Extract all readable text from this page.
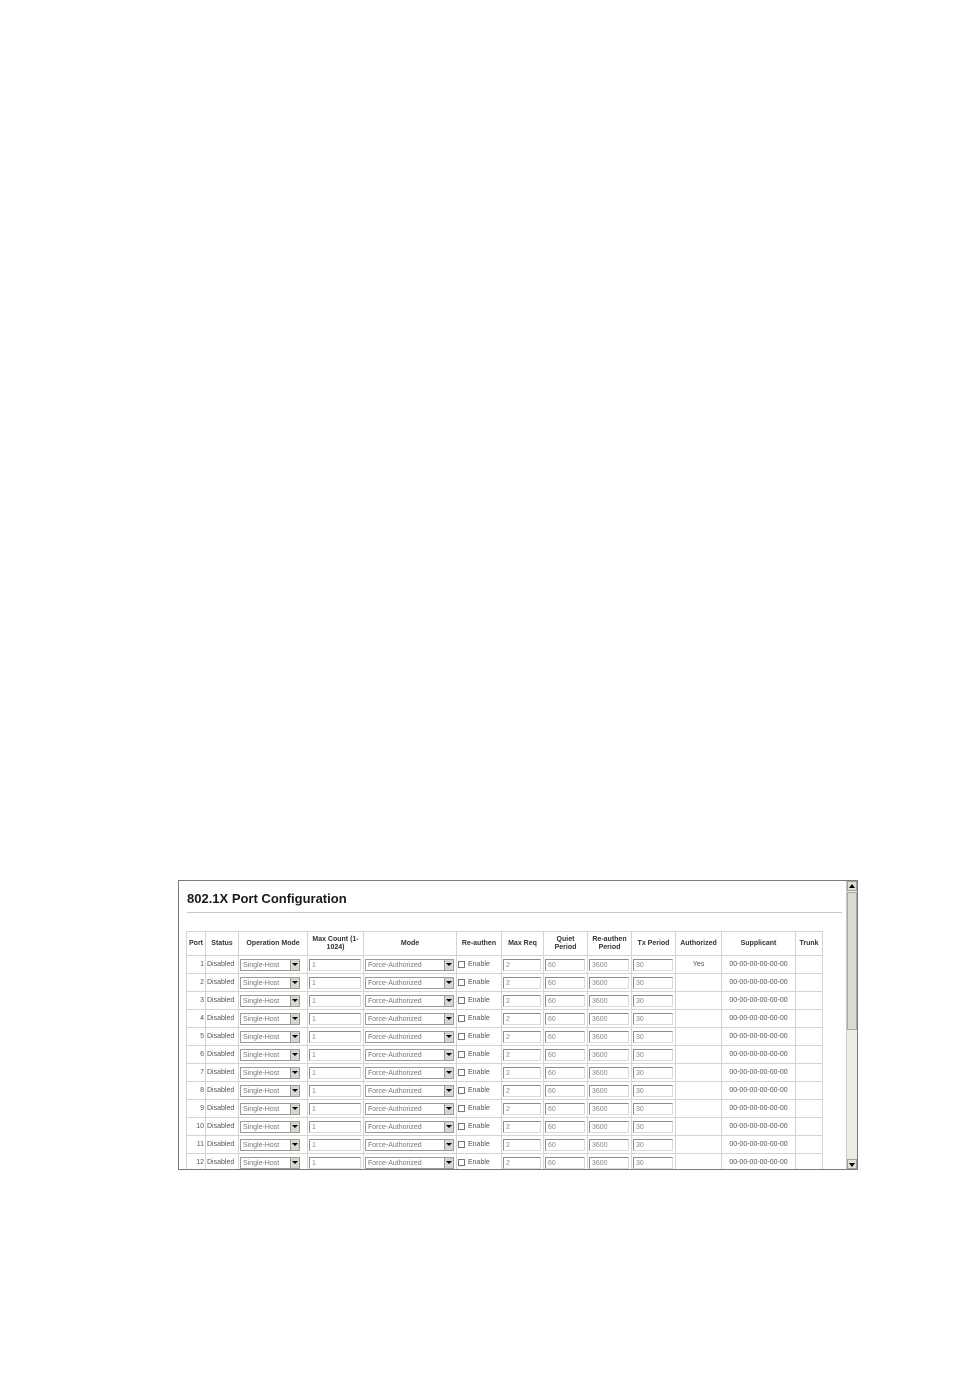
802.1X Port Configuration
Port	Status	Operation Mode	Max Count (1-1024)	Mode	Re-authen	Max Req	Quiet Period	Re-authen Period	Tx Period	Authorized	Supplicant	Trunk
1	Disabled	Single-Host	1	Force-Authorized	Enable	2	60	3600	30	Yes	00-00-00-00-00-00	
2	Disabled	Single-Host	1	Force-Authorized	Enable	2	60	3600	30		00-00-00-00-00-00	
3	Disabled	Single-Host	1	Force-Authorized	Enable	2	60	3600	30		00-00-00-00-00-00	
4	Disabled	Single-Host	1	Force-Authorized	Enable	2	60	3600	30		00-00-00-00-00-00	
5	Disabled	Single-Host	1	Force-Authorized	Enable	2	60	3600	30		00-00-00-00-00-00	
6	Disabled	Single-Host	1	Force-Authorized	Enable	2	60	3600	30		00-00-00-00-00-00	
7	Disabled	Single-Host	1	Force-Authorized	Enable	2	60	3600	30		00-00-00-00-00-00	
8	Disabled	Single-Host	1	Force-Authorized	Enable	2	60	3600	30		00-00-00-00-00-00	
9	Disabled	Single-Host	1	Force-Authorized	Enable	2	60	3600	30		00-00-00-00-00-00	
10	Disabled	Single-Host	1	Force-Authorized	Enable	2	60	3600	30		00-00-00-00-00-00	
11	Disabled	Single-Host	1	Force-Authorized	Enable	2	60	3600	30		00-00-00-00-00-00	
12	Disabled	Single-Host	1	Force-Authorized	Enable	2	60	3600	30		00-00-00-00-00-00	
